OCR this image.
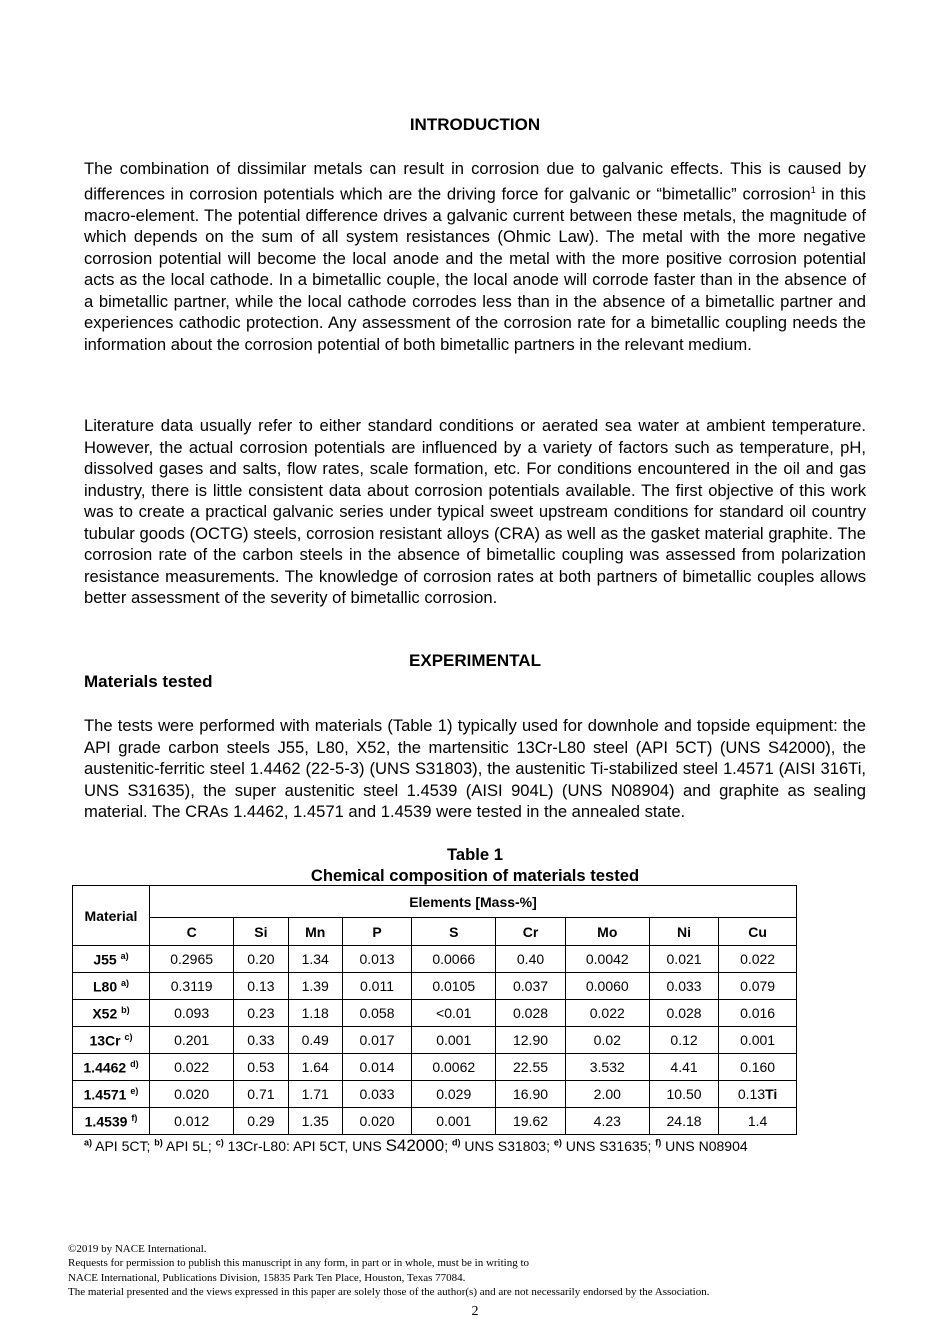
INTRODUCTION

The combination of dissimilar metals can result in corrosion due to galvanic effects. This is caused by differences in corrosion potentials which are the driving force for galvanic or “bimetallic” corrosion$^1$ in this macro-element. The potential difference drives a galvanic current between these metals, the magnitude of which depends on the sum of all system resistances (Ohmic Law). The metal with the more negative corrosion potential will become the local anode and the metal with the more positive corrosion potential acts as the local cathode. In a bimetallic couple, the local anode will corrode faster than in the absence of a bimetallic partner, while the local cathode corrodes less than in the absence of a bimetallic partner and experiences cathodic protection. Any assessment of the corrosion rate for a bimetallic coupling needs the information about the corrosion potential of both bimetallic partners in the relevant medium.

Literature data usually refer to either standard conditions or aerated sea water at ambient temperature. However, the actual corrosion potentials are influenced by a variety of factors such as temperature, pH, dissolved gases and salts, flow rates, scale formation, etc. For conditions encountered in the oil and gas industry, there is little consistent data about corrosion potentials available. The first objective of this work was to create a practical galvanic series under typical sweet upstream conditions for standard oil country tubular goods (OCTG) steels, corrosion resistant alloys (CRA) as well as the gasket material graphite. The corrosion rate of the carbon steels in the absence of bimetallic coupling was assessed from polarization resistance measurements. The knowledge of corrosion rates at both partners of bimetallic couples allows better assessment of the severity of bimetallic corrosion.

EXPERIMENTAL
Materials tested

The tests were performed with materials (Table 1) typically used for downhole and topside equipment: the API grade carbon steels J55, L80, X52, the martensitic 13Cr-L80 steel (API 5CT) (UNS S42000), the austenitic-ferritic steel 1.4462 (22-5-3) (UNS S31803), the austenitic Ti-stabilized steel 1.4571 (AISI 316Ti, UNS S31635), the super austenitic steel 1.4539 (AISI 904L) (UNS N08904) and graphite as sealing material. The CRAs 1.4462, 1.4571 and 1.4539 were tested in the annealed state.

Table 1
Chemical composition of materials tested
Material	Elements [Mass-%]								
	C	Si	Mn	P	S	Cr	Mo	Ni	Cu
J55 $^{a)}$	0.2965	0.20	1.34	0.013	0.0066	0.40	0.0042	0.021	0.022
L80 $^{a)}$	0.3119	0.13	1.39	0.011	0.0105	0.037	0.0060	0.033	0.079
X52 $^{b)}$	0.093	0.23	1.18	0.058	<0.01	0.028	0.022	0.028	0.016
13Cr $^{c)}$	0.201	0.33	0.49	0.017	0.001	12.90	0.02	0.12	0.001
1.4462 $^{d)}$	0.022	0.53	1.64	0.014	0.0062	22.55	3.532	4.41	0.160
1.4571 $^{e)}$	0.020	0.71	1.71	0.033	0.029	16.90	2.00	10.50	0.13Ti
1.4539 $^{f)}$	0.012	0.29	1.35	0.020	0.001	19.62	4.23	24.18	1.4
$^{a)}$ API 5CT; $^{b)}$ API 5L; $^{c)}$ 13Cr-L80: API 5CT, UNS S42000; $^{d)}$ UNS S31803; $^{e)}$ UNS S31635; $^{f)}$ UNS N08904
©2019 by NACE International.
Requests for permission to publish this manuscript in any form, in part or in whole, must be in writing to
NACE International, Publications Division, 15835 Park Ten Place, Houston, Texas 77084.
The material presented and the views expressed in this paper are solely those of the author(s) and are not necessarily endorsed by the Association.
2
